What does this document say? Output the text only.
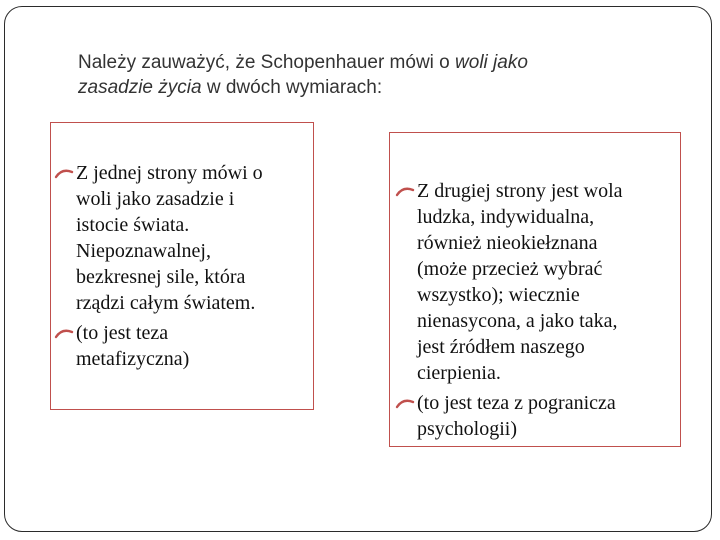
Należy zauważyć, że Schopenhauer mówi o woli jako
zasadzie życia w dwóch wymiarach:
Z jednej strony mówi o
woli jako zasadzie i
istocie świata.
Niepoznawalnej,
bezkresnej sile, która
rządzi całym światem.
(to jest teza
metafizyczna)
Z drugiej strony jest wola
ludzka, indywidualna,
również nieokiełznana
(może przecież wybrać
wszystko); wiecznie
nienasycona, a jako taka,
jest źródłem naszego
cierpienia.
(to jest teza z pogranicza
psychologii)
